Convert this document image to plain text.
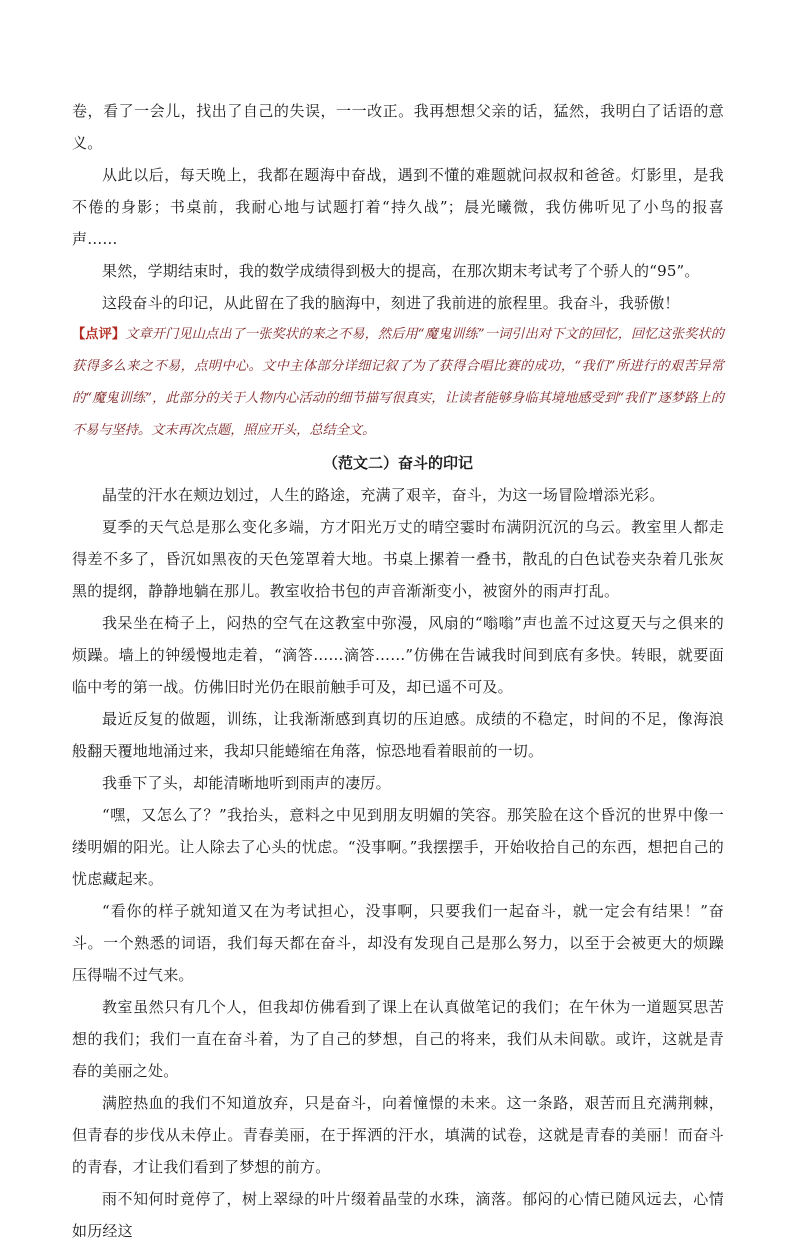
卷，看了一会儿，找出了自己的失误，一一改正。我再想想父亲的话，猛然，我明白了话语的意义。

从此以后，每天晚上，我都在题海中奋战，遇到不懂的难题就问叔叔和爸爸。灯影里，是我不倦的身影；书桌前，我耐心地与试题打着“持久战”；晨光曦微，我仿佛听见了小鸟的报喜声……

果然，学期结束时，我的数学成绩得到极大的提高，在那次期末考试考了个骄人的“95”。

这段奋斗的印记，从此留在了我的脑海中，刻进了我前进的旅程里。我奋斗，我骄傲！

【点评】文章开门见山点出了一张奖状的来之不易，然后用“魔鬼训练”一词引出对下文的回忆，回忆这张奖状的获得多么来之不易，点明中心。文中主体部分详细记叙了为了获得合唱比赛的成功，“我们”所进行的艰苦异常的“魔鬼训练”，此部分的关于人物内心活动的细节描写很真实，让读者能够身临其境地感受到“我们”逐梦路上的不易与坚持。文末再次点题，照应开头，总结全文。

（范文二）奋斗的印记

晶莹的汗水在颊边划过，人生的路途，充满了艰辛，奋斗，为这一场冒险增添光彩。

夏季的天气总是那么变化多端，方才阳光万丈的晴空霎时布满阴沉沉的乌云。教室里人都走得差不多了，昏沉如黑夜的天色笼罩着大地。书桌上摞着一叠书，散乱的白色试卷夹杂着几张灰黑的提纲，静静地躺在那儿。教室收拾书包的声音渐渐变小，被窗外的雨声打乱。

我呆坐在椅子上，闷热的空气在这教室中弥漫，风扇的“嗡嗡”声也盖不过这夏天与之俱来的烦躁。墙上的钟缓慢地走着，“滴答……滴答……”仿佛在告诫我时间到底有多快。转眼，就要面临中考的第一战。仿佛旧时光仍在眼前触手可及，却已遥不可及。

最近反复的做题，训练，让我渐渐感到真切的压迫感。成绩的不稳定，时间的不足，像海浪般翻天覆地地涌过来，我却只能蜷缩在角落，惊恐地看着眼前的一切。

我垂下了头，却能清晰地听到雨声的凄厉。

“嘿，又怎么了？”我抬头，意料之中见到朋友明媚的笑容。那笑脸在这个昏沉的世界中像一缕明媚的阳光。让人除去了心头的忧虑。“没事啊。”我摆摆手，开始收拾自己的东西，想把自己的忧虑藏起来。

“看你的样子就知道又在为考试担心，没事啊，只要我们一起奋斗，就一定会有结果！”奋斗。一个熟悉的词语，我们每天都在奋斗，却没有发现自己是那么努力，以至于会被更大的烦躁压得喘不过气来。

教室虽然只有几个人，但我却仿佛看到了课上在认真做笔记的我们；在午休为一道题冥思苦想的我们；我们一直在奋斗着，为了自己的梦想，自己的将来，我们从未间歇。或许，这就是青春的美丽之处。

满腔热血的我们不知道放弃，只是奋斗，向着憧憬的未来。这一条路，艰苦而且充满荆棘，但青春的步伐从未停止。青春美丽，在于挥洒的汗水，填满的试卷，这就是青春的美丽！而奋斗的青春，才让我们看到了梦想的前方。

雨不知何时竟停了，树上翠绿的叶片缀着晶莹的水珠，滴落。郁闷的心情已随风远去，心情如历经这
